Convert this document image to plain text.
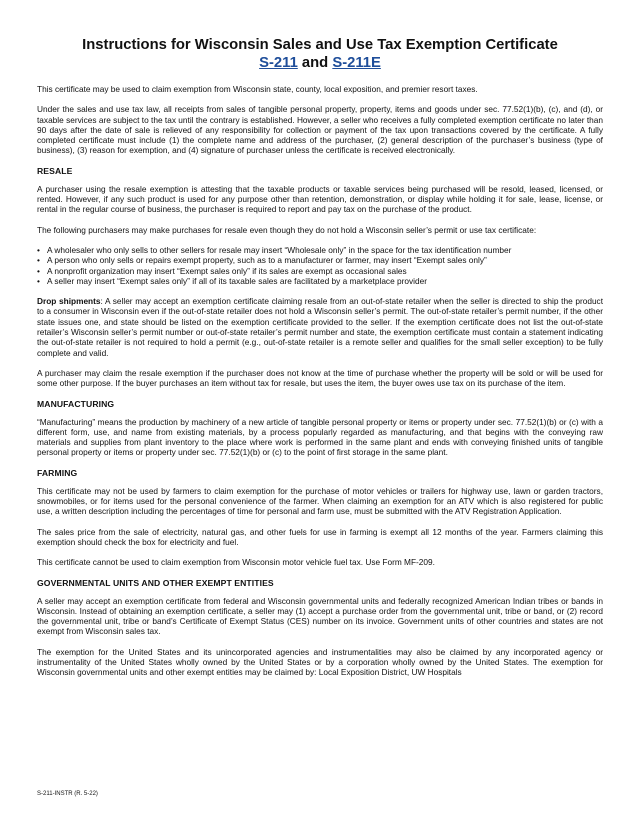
Instructions for Wisconsin Sales and Use Tax Exemption Certificate
S-211 and S-211E

This certificate may be used to claim exemption from Wisconsin state, county, local exposition, and premier resort taxes.

Under the sales and use tax law, all receipts from sales of tangible personal property, property, items and goods under sec. 77.52(1)(b), (c), and (d), or taxable services are subject to the tax until the contrary is established. However, a seller who receives a fully completed exemption certificate no later than 90 days after the date of sale is relieved of any responsibility for collection or payment of the tax upon transactions covered by the certificate. A fully completed certificate must include (1) the complete name and address of the purchaser, (2) general description of the purchaser’s business (type of business), (3) reason for exemption, and (4) signature of purchaser unless the certificate is received electronically.

RESALE

A purchaser using the resale exemption is attesting that the taxable products or taxable services being purchased will be resold, leased, licensed, or rented. However, if any such product is used for any purpose other than retention, demonstration, or display while holding it for sale, lease, license, or rental in the regular course of business, the purchaser is required to report and pay tax on the purchase of the product.

The following purchasers may make purchases for resale even though they do not hold a Wisconsin seller’s permit or use tax certificate:

• A wholesaler who only sells to other sellers for resale may insert “Wholesale only” in the space for the tax identification number
• A person who only sells or repairs exempt property, such as to a manufacturer or farmer, may insert “Exempt sales only”
• A nonprofit organization may insert “Exempt sales only” if its sales are exempt as occasional sales
• A seller may insert “Exempt sales only” if all of its taxable sales are facilitated by a marketplace provider

Drop shipments: A seller may accept an exemption certificate claiming resale from an out-of-state retailer when the seller is directed to ship the product to a consumer in Wisconsin even if the out-of-state retailer does not hold a Wisconsin seller’s permit. The out-of-state retailer’s permit number, if the other state issues one, and state should be listed on the exemption certificate provided to the seller. If the exemption certificate does not list the out-of-state retailer’s Wisconsin seller’s permit number or out-of-state retailer’s permit number and state, the exemption certificate must contain a statement indicating the out-of-state retailer is not required to hold a permit (e.g., out-of-state retailer is a remote seller and qualifies for the small seller exception) to be fully complete and valid.

A purchaser may claim the resale exemption if the purchaser does not know at the time of purchase whether the property will be sold or will be used for some other purpose. If the buyer purchases an item without tax for resale, but uses the item, the buyer owes use tax on its purchase of the item.

MANUFACTURING

“Manufacturing” means the production by machinery of a new article of tangible personal property or items or property under sec. 77.52(1)(b) or (c) with a different form, use, and name from existing materials, by a process popularly regarded as manufacturing, and that begins with the conveying raw materials and supplies from plant inventory to the place where work is performed in the same plant and ends with conveying finished units of tangible personal property or items or property under sec. 77.52(1)(b) or (c) to the point of first storage in the same plant.

FARMING

This certificate may not be used by farmers to claim exemption for the purchase of motor vehicles or trailers for highway use, lawn or garden tractors, snowmobiles, or for items used for the personal convenience of the farmer. When claiming an exemption for an ATV which is also registered for public use, a written description including the percentages of time for personal and farm use, must be submitted with the ATV Registration Application.

The sales price from the sale of electricity, natural gas, and other fuels for use in farming is exempt all 12 months of the year. Farmers claiming this exemption should check the box for electricity and fuel.

This certificate cannot be used to claim exemption from Wisconsin motor vehicle fuel tax. Use Form MF-209.

GOVERNMENTAL UNITS AND OTHER EXEMPT ENTITIES

A seller may accept an exemption certificate from federal and Wisconsin governmental units and federally recognized American Indian tribes or bands in Wisconsin. Instead of obtaining an exemption certificate, a seller may (1) accept a purchase order from the governmental unit, tribe or band, or (2) record the governmental unit, tribe or band’s Certificate of Exempt Status (CES) number on its invoice. Government units of other countries and states are not exempt from Wisconsin sales tax.

The exemption for the United States and its unincorporated agencies and instrumentalities may also be claimed by any incorporated agency or instrumentality of the United States wholly owned by the United States or by a corporation wholly owned by the United States. The exemption for Wisconsin governmental units and other exempt entities may be claimed by: Local Exposition District, UW Hospitals

S-211-INSTR (R. 5-22)
